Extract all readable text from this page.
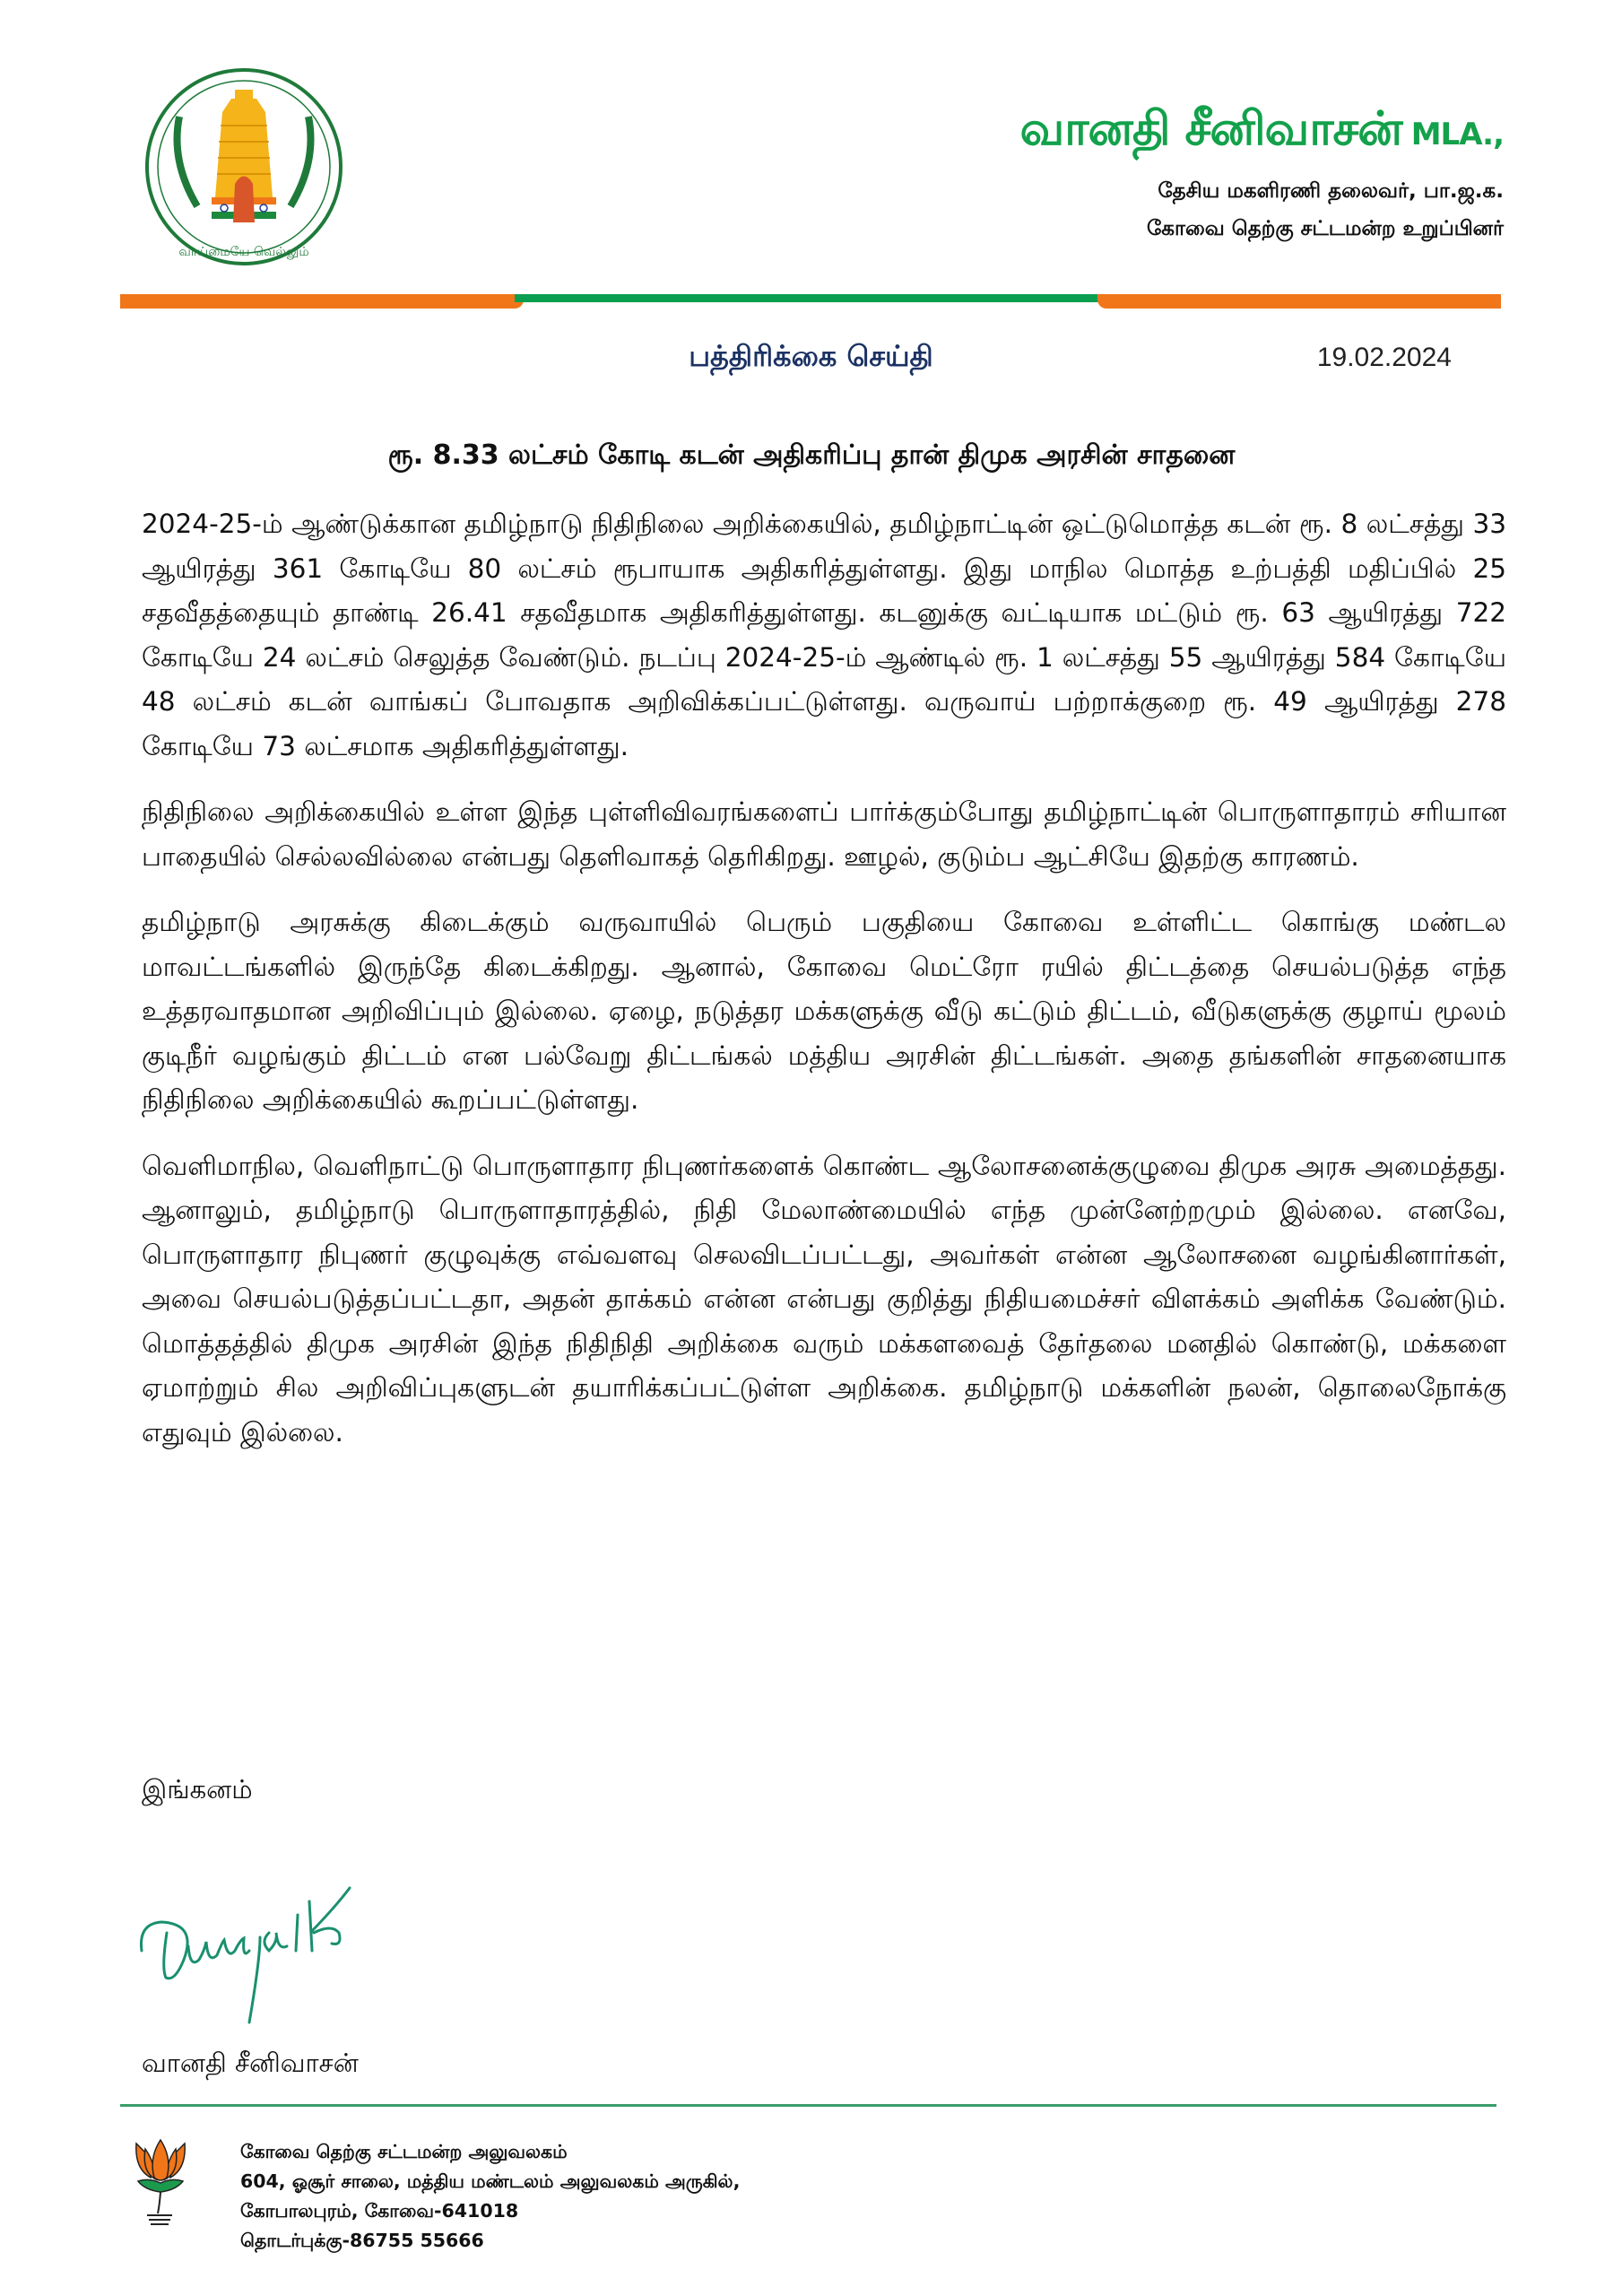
வாய்மையே வெல்லும்
வானதி சீனிவாசன் MLA.,
தேசிய மகளிரணி தலைவர், பா.ஜ.க.
கோவை தெற்கு சட்டமன்ற உறுப்பினர்
பத்திரிக்கை செய்தி	19.02.2024
ரூ. 8.33 லட்சம் கோடி கடன் அதிகரிப்பு தான் திமுக அரசின் சாதனை

2024-25-ம் ஆண்டுக்கான தமிழ்நாடு நிதிநிலை அறிக்கையில், தமிழ்நாட்டின் ஒட்டுமொத்த கடன் ரூ. 8 லட்சத்து 33 ஆயிரத்து 361 கோடியே 80 லட்சம் ரூபாயாக அதிகரித்துள்ளது. இது மாநில மொத்த உற்பத்தி மதிப்பில் 25 சதவீதத்தையும் தாண்டி 26.41 சதவீதமாக அதிகரித்துள்ளது. கடனுக்கு வட்டியாக மட்டும் ரூ. 63 ஆயிரத்து 722 கோடியே 24 லட்சம் செலுத்த வேண்டும். நடப்பு 2024-25-ம் ஆண்டில் ரூ. 1 லட்சத்து 55 ஆயிரத்து 584 கோடியே 48 லட்சம் கடன் வாங்கப் போவதாக அறிவிக்கப்பட்டுள்ளது. வருவாய் பற்றாக்குறை ரூ. 49 ஆயிரத்து 278 கோடியே 73 லட்சமாக அதிகரித்துள்ளது.

நிதிநிலை அறிக்கையில் உள்ள இந்த புள்ளிவிவரங்களைப் பார்க்கும்போது தமிழ்நாட்டின் பொருளாதாரம் சரியான பாதையில் செல்லவில்லை என்பது தெளிவாகத் தெரிகிறது. ஊழல், குடும்ப ஆட்சியே இதற்கு காரணம்.

தமிழ்நாடு அரசுக்கு கிடைக்கும் வருவாயில் பெரும் பகுதியை கோவை உள்ளிட்ட கொங்கு மண்டல மாவட்டங்களில் இருந்தே கிடைக்கிறது. ஆனால், கோவை மெட்ரோ ரயில் திட்டத்தை செயல்படுத்த எந்த உத்தரவாதமான அறிவிப்பும் இல்லை. ஏழை, நடுத்தர மக்களுக்கு வீடு கட்டும் திட்டம், வீடுகளுக்கு குழாய் மூலம் குடிநீர் வழங்கும் திட்டம் என பல்வேறு திட்டங்கல் மத்திய அரசின் திட்டங்கள். அதை தங்களின் சாதனையாக நிதிநிலை அறிக்கையில் கூறப்பட்டுள்ளது.

வெளிமாநில, வெளிநாட்டு பொருளாதார நிபுணர்களைக் கொண்ட ஆலோசனைக்குழுவை திமுக அரசு அமைத்தது. ஆனாலும், தமிழ்நாடு பொருளாதாரத்தில், நிதி மேலாண்மையில் எந்த முன்னேற்றமும் இல்லை. எனவே, பொருளாதார நிபுணர் குழுவுக்கு எவ்வளவு செலவிடப்பட்டது, அவர்கள் என்ன ஆலோசனை வழங்கினார்கள், அவை செயல்படுத்தப்பட்டதா, அதன் தாக்கம் என்ன என்பது குறித்து நிதியமைச்சர் விளக்கம் அளிக்க வேண்டும். மொத்தத்தில் திமுக அரசின் இந்த நிதிநிதி அறிக்கை வரும் மக்களவைத் தேர்தலை மனதில் கொண்டு, மக்களை ஏமாற்றும் சில அறிவிப்புகளுடன் தயாரிக்கப்பட்டுள்ள அறிக்கை. தமிழ்நாடு மக்களின் நலன், தொலைநோக்கு எதுவும் இல்லை.

இங்கனம்
வானதி சீனிவாசன்
கோவை தெற்கு சட்டமன்ற அலுவலகம்
604, ஓசூர் சாலை, மத்திய மண்டலம் அலுவலகம் அருகில்,
கோபாலபுரம், கோவை-641018
தொடர்புக்கு-86755 55666
